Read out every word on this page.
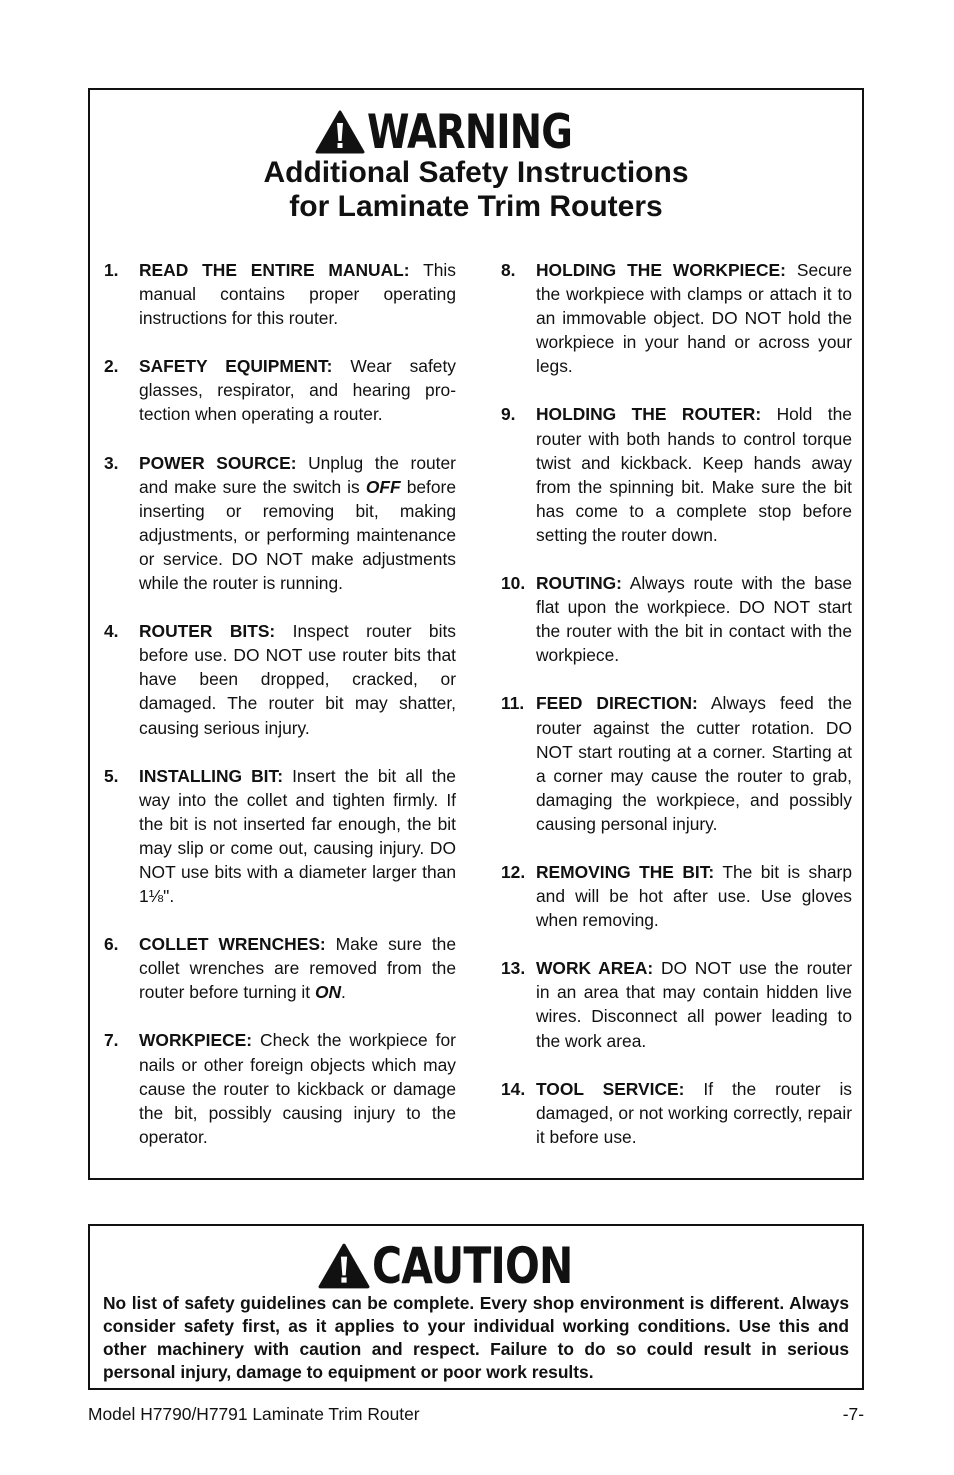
WARNING
Additional Safety Instructions
for Laminate Trim Routers
1.	READ THE ENTIRE MANUAL: This manual contains proper operating instructions for this router.
2.	SAFETY EQUIPMENT: Wear safety glasses, respirator, and hearing protection when operating a router.
3.	POWER SOURCE: Unplug the router and make sure the switch is OFF before inserting or removing bit, making adjustments, or performing maintenance or service. DO NOT make adjustments while the router is running.
4.	ROUTER BITS: Inspect router bits before use. DO NOT use router bits that have been dropped, cracked, or damaged. The router bit may shatter, causing serious injury.
5.	INSTALLING BIT: Insert the bit all the way into the collet and tighten firmly. If the bit is not inserted far enough, the bit may slip or come out, causing injury. DO NOT use bits with a diameter larger than 1⅛".
6.	COLLET WRENCHES: Make sure the collet wrenches are removed from the router before turning it ON.
7.	WORKPIECE: Check the workpiece for nails or other foreign objects which may cause the router to kickback or damage the bit, possibly causing injury to the operator.
8.	HOLDING THE WORKPIECE: Secure the workpiece with clamps or attach it to an immovable object. DO NOT hold the workpiece in your hand or across your legs.
9.	HOLDING THE ROUTER: Hold the router with both hands to control torque twist and kickback. Keep hands away from the spinning bit. Make sure the bit has come to a complete stop before setting the router down.
10. ROUTING: Always route with the base flat upon the workpiece. DO NOT start the router with the bit in contact with the workpiece.
11. FEED DIRECTION: Always feed the router against the cutter rotation. DO NOT start routing at a corner. Starting at a corner may cause the router to grab, damaging the workpiece, and possibly causing personal injury.
12. REMOVING THE BIT: The bit is sharp and will be hot after use. Use gloves when removing.
13. WORK AREA: DO NOT use the router in an area that may contain hidden live wires. Disconnect all power leading to the work area.
14. TOOL SERVICE: If the router is damaged, or not working correctly, repair it before use.
CAUTION
No list of safety guidelines can be complete. Every shop environment is different. Always consider safety first, as it applies to your individual working conditions. Use this and other machinery with caution and respect. Failure to do so could result in serious personal injury, damage to equipment or poor work results.
Model H7790/H7791 Laminate Trim Router	-7-
